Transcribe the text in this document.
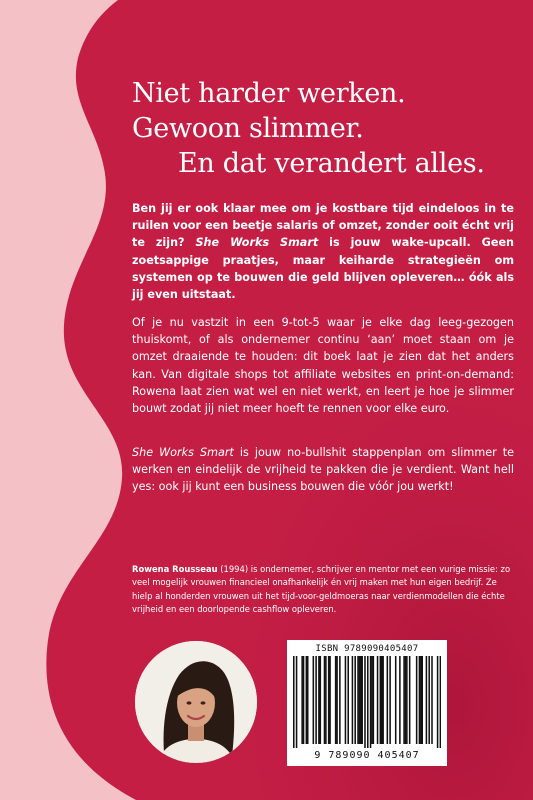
Niet harder werken.
Gewoon slimmer.
En dat verandert alles.

Ben jij er ook klaar mee om je kostbare tijd eindeloos in te ruilen voor een beetje salaris of omzet, zonder ooit écht vrij te zijn? She Works Smart is jouw wake-upcall. Geen zoetsappige praatjes, maar keiharde strategieën om systemen op te bouwen die geld blijven opleveren… óók als jij even uitstaat.

Of je nu vastzit in een 9-tot-5 waar je elke dag leeg-gezogen thuiskomt, of als ondernemer continu ‘aan’ moet staan om je omzet draaiende te houden: dit boek laat je zien dat het anders kan. Van digitale shops tot affiliate websites en print-on-demand: Rowena laat zien wat wel en niet werkt, en leert je hoe je slimmer bouwt zodat jij niet meer hoeft te rennen voor elke euro.

She Works Smart is jouw no-bullshit stappenplan om slimmer te werken en eindelijk de vrijheid te pakken die je verdient. Want hell yes: ook jij kunt een business bouwen die vóór jou werkt!

Rowena Rousseau (1994) is ondernemer, schrijver en mentor met een vurige missie: zo veel mogelijk vrouwen financieel onafhankelijk én vrij maken met hun eigen bedrijf. Ze hielp al honderden vrouwen uit het tijd-voor-geldmoeras naar verdienmodellen die échte vrijheid en een doorlopende cashflow opleveren.

ISBN 9789090405407
9 789090 405407
